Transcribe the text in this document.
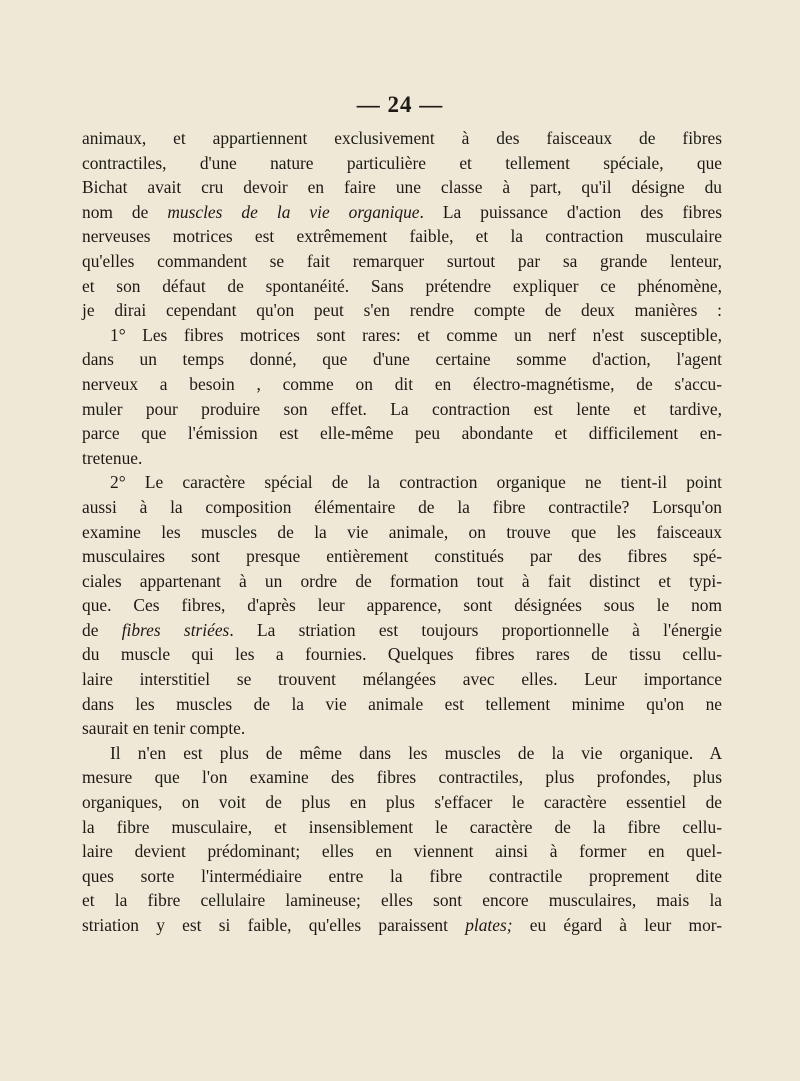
— 24 —
animaux, et appartiennent exclusivement à des faisceaux de fibres
contractiles, d'une nature particulière et tellement spéciale, que
Bichat avait cru devoir en faire une classe à part, qu'il désigne du
nom de muscles de la vie organique. La puissance d'action des fibres
nerveuses motrices est extrêmement faible, et la contraction musculaire
qu'elles commandent se fait remarquer surtout par sa grande lenteur,
et son défaut de spontanéité. Sans prétendre expliquer ce phénomène,
je dirai cependant qu'on peut s'en rendre compte de deux manières :
1° Les fibres motrices sont rares: et comme un nerf n'est susceptible,
dans un temps donné, que d'une certaine somme d'action, l'agent
nerveux a besoin , comme on dit en électro-magnétisme, de s'accu-
muler pour produire son effet. La contraction est lente et tardive,
parce que l'émission est elle-même peu abondante et difficilement en-
tretenue.
2° Le caractère spécial de la contraction organique ne tient-il point
aussi à la composition élémentaire de la fibre contractile? Lorsqu'on
examine les muscles de la vie animale, on trouve que les faisceaux
musculaires sont presque entièrement constitués par des fibres spé-
ciales appartenant à un ordre de formation tout à fait distinct et typi-
que. Ces fibres, d'après leur apparence, sont désignées sous le nom
de fibres striées. La striation est toujours proportionnelle à l'énergie
du muscle qui les a fournies. Quelques fibres rares de tissu cellu-
laire interstitiel se trouvent mélangées avec elles. Leur importance
dans les muscles de la vie animale est tellement minime qu'on ne
saurait en tenir compte.
Il n'en est plus de même dans les muscles de la vie organique. A
mesure que l'on examine des fibres contractiles, plus profondes, plus
organiques, on voit de plus en plus s'effacer le caractère essentiel de
la fibre musculaire, et insensiblement le caractère de la fibre cellu-
laire devient prédominant; elles en viennent ainsi à former en quel-
ques sorte l'intermédiaire entre la fibre contractile proprement dite
et la fibre cellulaire lamineuse; elles sont encore musculaires, mais la
striation y est si faible, qu'elles paraissent plates; eu égard à leur mor-
